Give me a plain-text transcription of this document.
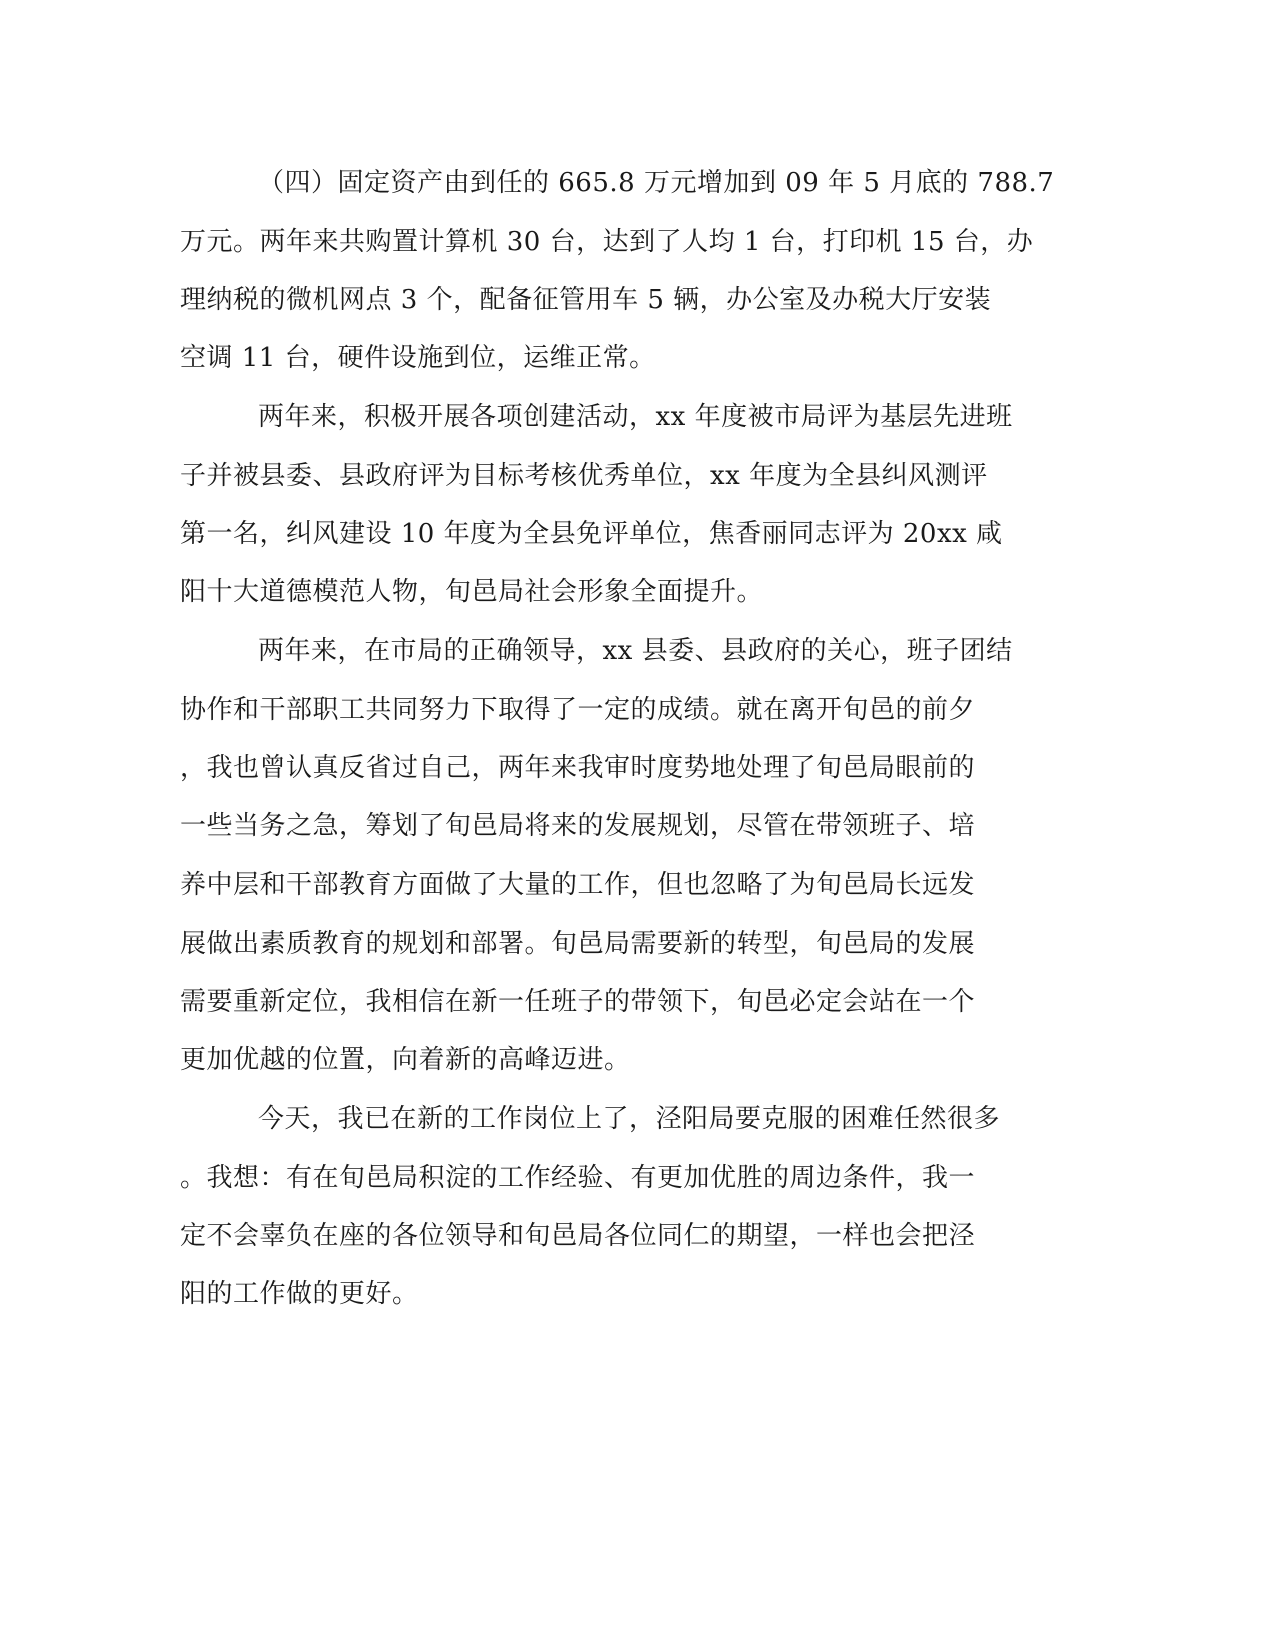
（四）固定资产由到任的 665.8 万元增加到 09 年 5 月底的 788.7
万元。两年来共购置计算机 30 台，达到了人均 1 台，打印机 15 台，办
理纳税的微机网点 3 个，配备征管用车 5 辆，办公室及办税大厅安装
空调 11 台，硬件设施到位，运维正常。
两年来，积极开展各项创建活动，xx 年度被市局评为基层先进班
子并被县委、县政府评为目标考核优秀单位，xx 年度为全县纠风测评
第一名，纠风建设 10 年度为全县免评单位，焦香丽同志评为 20xx 咸
阳十大道德模范人物，旬邑局社会形象全面提升。
两年来，在市局的正确领导，xx 县委、县政府的关心，班子团结
协作和干部职工共同努力下取得了一定的成绩。就在离开旬邑的前夕
，我也曾认真反省过自己，两年来我审时度势地处理了旬邑局眼前的
一些当务之急，筹划了旬邑局将来的发展规划，尽管在带领班子、培
养中层和干部教育方面做了大量的工作，但也忽略了为旬邑局长远发
展做出素质教育的规划和部署。旬邑局需要新的转型，旬邑局的发展
需要重新定位，我相信在新一任班子的带领下，旬邑必定会站在一个
更加优越的位置，向着新的高峰迈进。
今天，我已在新的工作岗位上了，泾阳局要克服的困难任然很多
。我想：有在旬邑局积淀的工作经验、有更加优胜的周边条件，我一
定不会辜负在座的各位领导和旬邑局各位同仁的期望，一样也会把泾
阳的工作做的更好。
